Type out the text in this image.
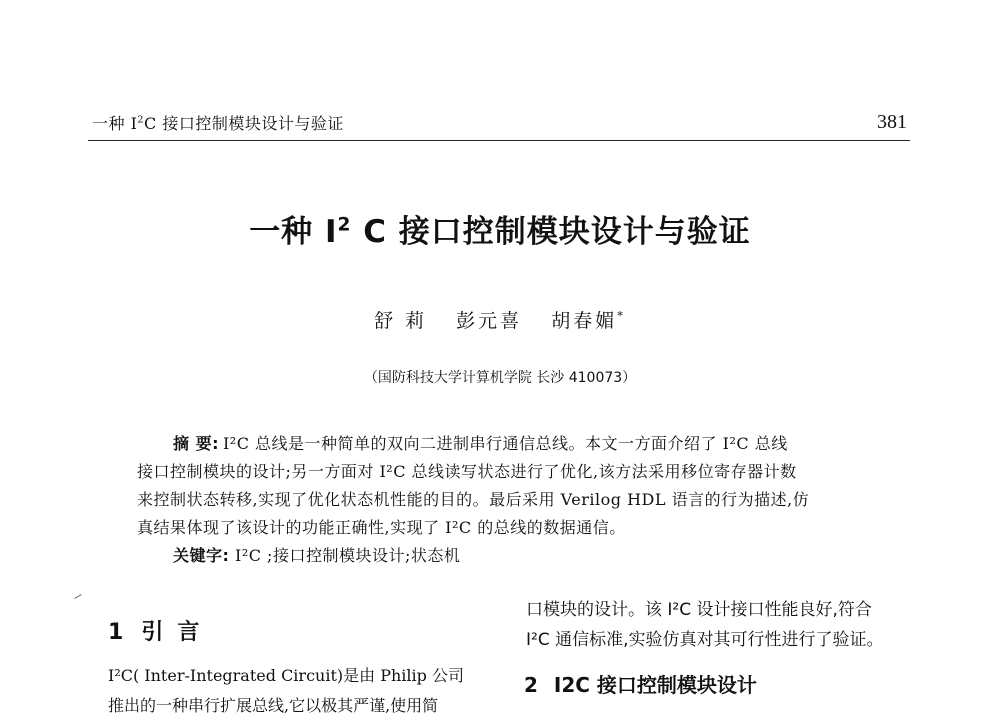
一种 $I^2C$ 接口控制模块设计与验证	381
一种 $I^2$ C 接口控制模块设计与验证
舒 莉 彭元喜 胡春媚*
（国防科技大学计算机学院 长沙 410073）
摘 要: I²C 总线是一种简单的双向二进制串行通信总线。本文一方面介绍了 I²C 总线
接口控制模块的设计;另一方面对 I²C 总线读写状态进行了优化,该方法采用移位寄存器计数
来控制状态转移,实现了优化状态机性能的目的。最后采用 Verilog HDL 语言的行为描述,仿
真结果体现了该设计的功能正确性,实现了 I²C 的总线的数据通信。
关键字: I²C ;接口控制模块设计;状态机
1 引言
I²C( Inter-Integrated Circuit)是由 Philip 公司
推出的一种串行扩展总线,它以极其严谨,使用简
口模块的设计。该 I²C 设计接口性能良好,符合
I²C 通信标准,实验仿真对其可行性进行了验证。
2 I2C 接口控制模块设计
